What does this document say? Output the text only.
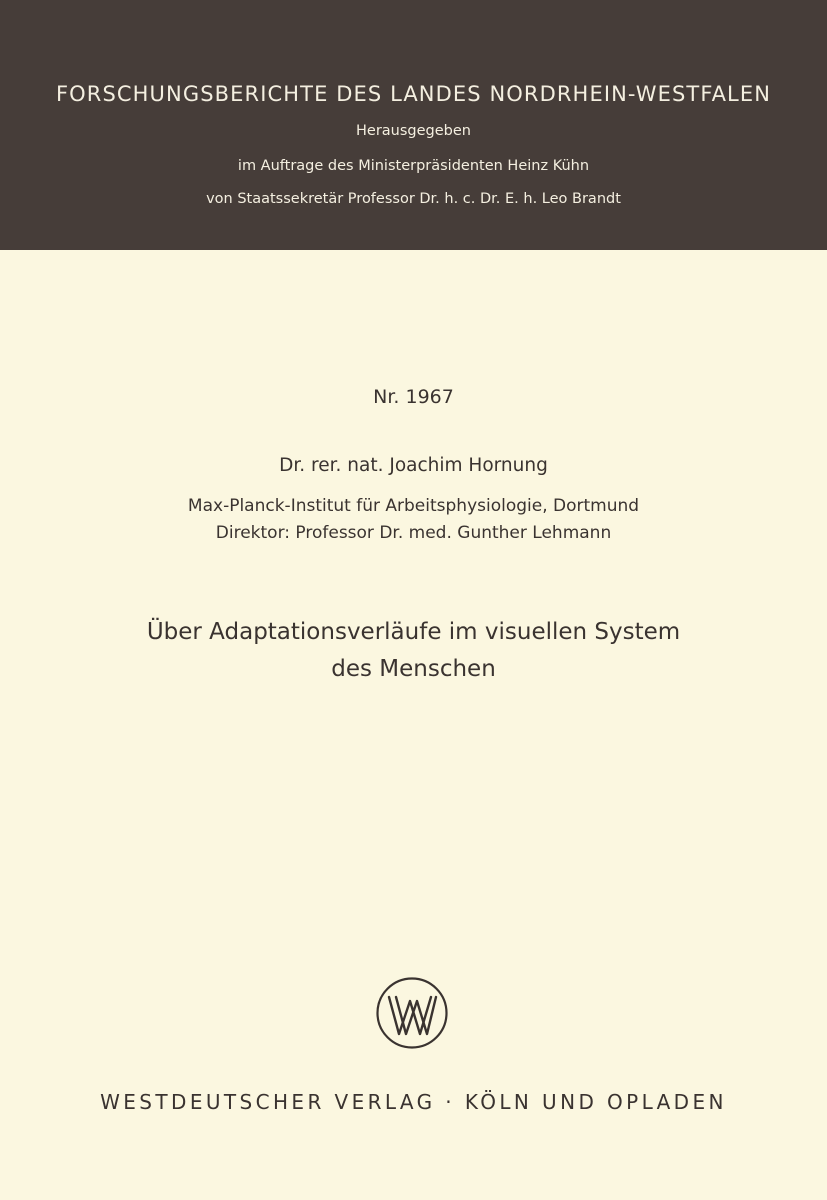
FORSCHUNGSBERICHTE DES LANDES NORDRHEIN-WESTFALEN
Herausgegeben
im Auftrage des Ministerpräsidenten Heinz Kühn
von Staatssekretär Professor Dr. h. c. Dr. E. h. Leo Brandt
Nr. 1967
Dr. rer. nat. Joachim Hornung
Max-Planck-Institut für Arbeitsphysiologie, Dortmund
Direktor: Professor Dr. med. Gunther Lehmann
Über Adaptationsverläufe im visuellen System
des Menschen
WESTDEUTSCHER VERLAG · KÖLN UND OPLADEN
